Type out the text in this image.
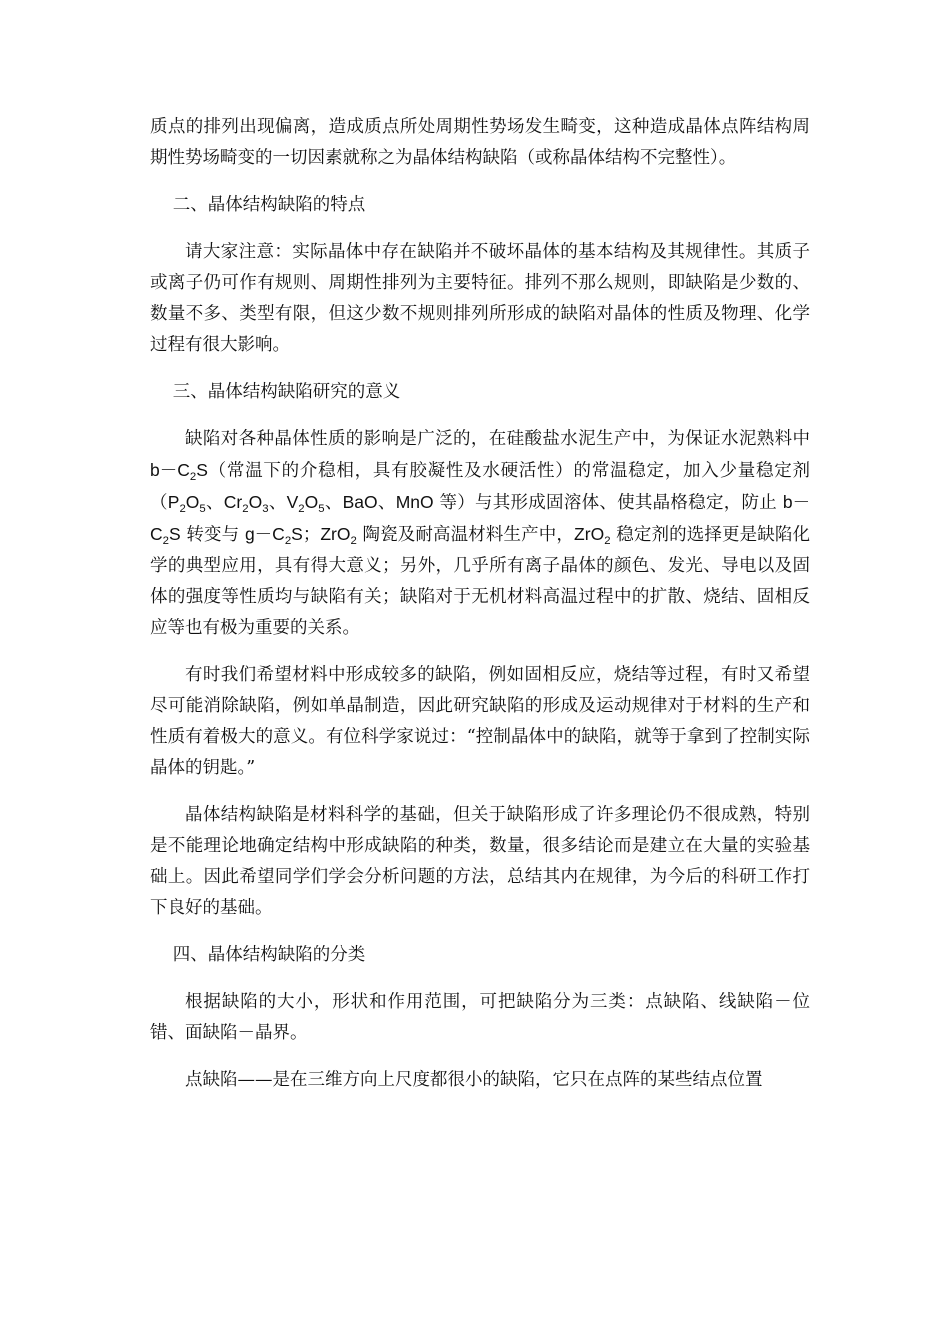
质点的排列出现偏离，造成质点所处周期性势场发生畸变，这种造成晶体点阵结构周期性势场畸变的一切因素就称之为晶体结构缺陷（或称晶体结构不完整性）。

二、晶体结构缺陷的特点

请大家注意：实际晶体中存在缺陷并不破坏晶体的基本结构及其规律性。其质子或离子仍可作有规则、周期性排列为主要特征。排列不那么规则，即缺陷是少数的、数量不多、类型有限，但这少数不规则排列所形成的缺陷对晶体的性质及物理、化学过程有很大影响。

三、晶体结构缺陷研究的意义

缺陷对各种晶体性质的影响是广泛的，在硅酸盐水泥生产中，为保证水泥熟料中 $b-C_2S$（常温下的介稳相，具有胶凝性及水硬活性）的常温稳定，加入少量稳定剂（$P_2O_5$、$Cr_2O_3$、$V_2O_5$、BaO、MnO 等）与其形成固溶体、使其晶格稳定，防止 $b-C_2S$ 转变与 $g-C_2S$；ZrO$_2$ 陶瓷及耐高温材料生产中，ZrO$_2$ 稳定剂的选择更是缺陷化学的典型应用，具有得大意义；另外，几乎所有离子晶体的颜色、发光、导电以及固体的强度等性质均与缺陷有关；缺陷对于无机材料高温过程中的扩散、烧结、固相反应等也有极为重要的关系。

有时我们希望材料中形成较多的缺陷，例如固相反应，烧结等过程，有时又希望尽可能消除缺陷，例如单晶制造，因此研究缺陷的形成及运动规律对于材料的生产和性质有着极大的意义。有位科学家说过：“控制晶体中的缺陷，就等于拿到了控制实际晶体的钥匙。”

晶体结构缺陷是材料科学的基础，但关于缺陷形成了许多理论仍不很成熟，特别是不能理论地确定结构中形成缺陷的种类，数量，很多结论而是建立在大量的实验基础上。因此希望同学们学会分析问题的方法，总结其内在规律，为今后的科研工作打下良好的基础。

四、晶体结构缺陷的分类

根据缺陷的大小，形状和作用范围，可把缺陷分为三类：点缺陷、线缺陷－位错、面缺陷－晶界。

点缺陷——是在三维方向上尺度都很小的缺陷，它只在点阵的某些结点位置
